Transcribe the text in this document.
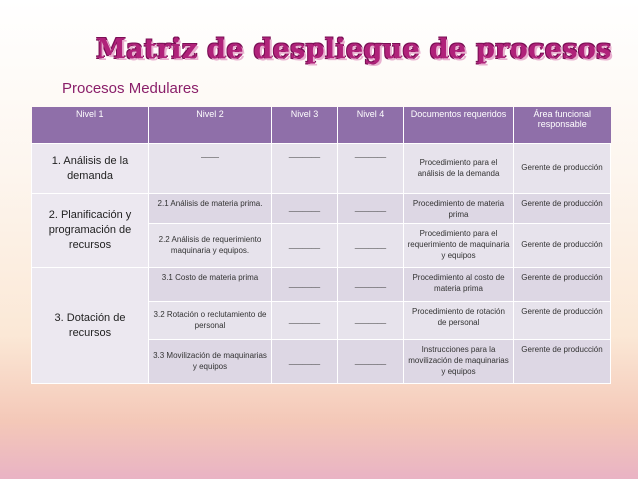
Matriz de despliegue de procesos
Procesos Medulares
Nivel 1	Nivel 2	Nivel 3	Nivel 4	Documentos requeridos	Área funcional responsable
1. Análisis de la demanda	____	_______	_______	Procedimiento para el análisis de la demanda	Gerente de producción
2. Planificación y programación de recursos	2.1 Análisis de materia prima.	_______	_______	Procedimiento de materia prima	Gerente de producción
	2.2 Análisis de requerimiento maquinaria y equipos.	_______	_______	Procedimiento para el requerimiento de maquinaria y equipos	Gerente de producción
3. Dotación de recursos	3.1 Costo de materia prima	_______	_______	Procedimiento al costo de materia prima	Gerente de producción
	3.2 Rotación o reclutamiento de personal	_______	_______	Procedimiento de rotación de personal	Gerente de producción
	3.3 Movilización de maquinarias y equipos	_______	_______	Instrucciones para la movilización de maquinarias y equipos	Gerente de producción
